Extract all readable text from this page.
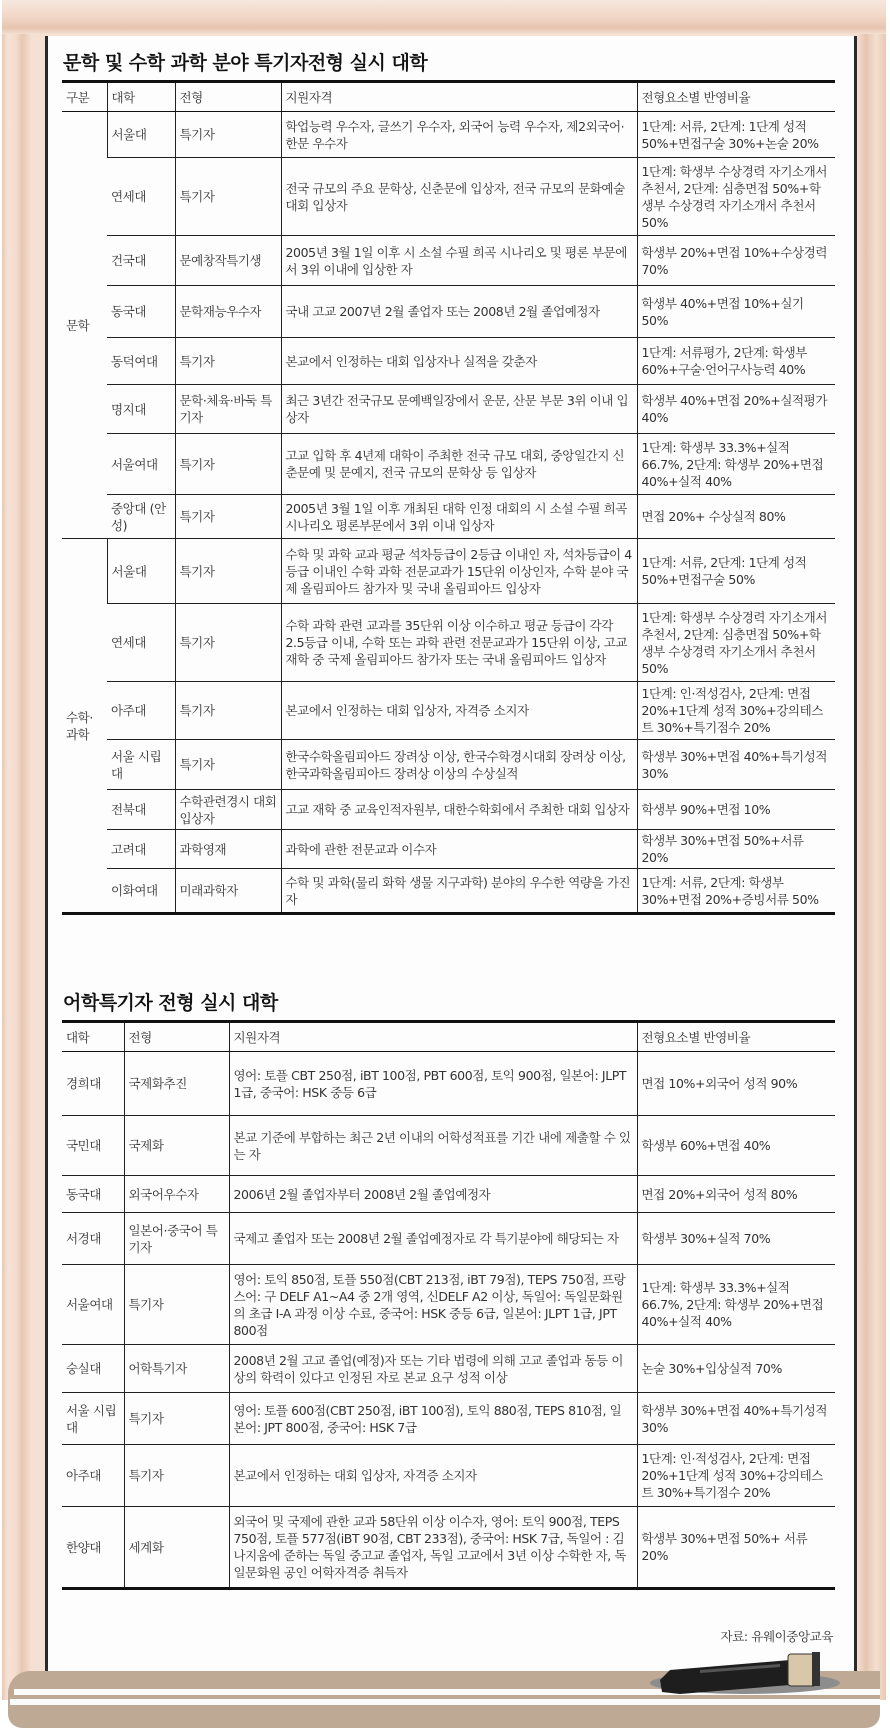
문학 및 수학 과학 분야 특기자전형 실시 대학
구분	대학	전형	지원자격	전형요소별 반영비율
문학	서울대	특기자	학업능력 우수자, 글쓰기 우수자, 외국어 능력 우수자, 제2외국어·한문 우수자	1단계: 서류, 2단계: 1단계 성적 50%+면접구술 30%+논술 20%
	연세대	특기자	전국 규모의 주요 문학상, 신춘문에 입상자, 전국 규모의 문화예술대회 입상자	1단계: 학생부 수상경력 자기소개서 추천서, 2단계: 심층면접 50%+학생부 수상경력 자기소개서 추천서 50%
	건국대	문예창작특기생	2005년 3월 1일 이후 시 소설 수필 희곡 시나리오 및 평론 부문에서 3위 이내에 입상한 자	학생부 20%+면접 10%+수상경력 70%
	동국대	문학재능우수자	국내 고교 2007년 2월 졸업자 또는 2008년 2월 졸업예정자	학생부 40%+면접 10%+실기 50%
	동덕여대	특기자	본교에서 인정하는 대회 입상자나 실적을 갖춘자	1단계: 서류평가, 2단계: 학생부 60%+구술·언어구사능력 40%
	명지대	문학·체육·바둑 특기자	최근 3년간 전국규모 문예백일장에서 운문, 산문 부문 3위 이내 입상자	학생부 40%+면접 20%+실적평가 40%
	서울여대	특기자	고교 입학 후 4년제 대학이 주최한 전국 규모 대회, 중앙일간지 신춘문예 및 문예지, 전국 규모의 문학상 등 입상자	1단계: 학생부 33.3%+실적 66.7%, 2단계: 학생부 20%+면접 40%+실적 40%
	중앙대 (안성)	특기자	2005년 3월 1일 이후 개최된 대학 인정 대회의 시 소설 수필 희곡 시나리오 평론부문에서 3위 이내 입상자	면접 20%+ 수상실적 80%
수학· 과학	서울대	특기자	수학 및 과학 교과 평균 석차등급이 2등급 이내인 자, 석차등급이 4등급 이내인 수학 과학 전문교과가 15단위 이상인자, 수학 분야 국제 올림피아드 참가자 및 국내 올림피아드 입상자	1단계: 서류, 2단계: 1단계 성적 50%+면접구술 50%
	연세대	특기자	수학 과학 관련 교과를 35단위 이상 이수하고 평균 등급이 각각 2.5등급 이내, 수학 또는 과학 관련 전문교과가 15단위 이상, 고교 재학 중 국제 올림피아드 참가자 또는 국내 올림피아드 입상자	1단계: 학생부 수상경력 자기소개서 추천서, 2단계: 심층면접 50%+학생부 수상경력 자기소개서 추천서 50%
	아주대	특기자	본교에서 인정하는 대회 입상자, 자격증 소지자	1단계: 인·적성검사, 2단계: 면접 20%+1단계 성적 30%+강의테스트 30%+특기점수 20%
	서울 시립대	특기자	한국수학올림피아드 장려상 이상, 한국수학경시대회 장려상 이상, 한국과학올림피아드 장려상 이상의 수상실적	학생부 30%+면접 40%+특기성적 30%
	전북대	수학관련경시 대회 입상자	고교 재학 중 교육인적자원부, 대한수학회에서 주최한 대회 입상자	학생부 90%+면접 10%
	고려대	과학영재	과학에 관한 전문교과 이수자	학생부 30%+면접 50%+서류 20%
	이화여대	미래과학자	수학 및 과학(물리 화학 생물 지구과학) 분야의 우수한 역량을 가진 자	1단계: 서류, 2단계: 학생부 30%+면접 20%+증빙서류 50%
어학특기자 전형 실시 대학
대학	전형	지원자격	전형요소별 반영비율
경희대	국제화추진	영어: 토플 CBT 250점, iBT 100점, PBT 600점, 토익 900점, 일본어: JLPT 1급, 중국어: HSK 중등 6급	면접 10%+외국어 성적 90%
국민대	국제화	본교 기준에 부합하는 최근 2년 이내의 어학성적표를 기간 내에 제출할 수 있는 자	학생부 60%+면접 40%
동국대	외국어우수자	2006년 2월 졸업자부터 2008년 2월 졸업예정자	면접 20%+외국어 성적 80%
서경대	일본어·중국어 특기자	국제고 졸업자 또는 2008년 2월 졸업예정자로 각 특기분야에 해당되는 자	학생부 30%+실적 70%
서울여대	특기자	영어: 토익 850점, 토플 550점(CBT 213점, iBT 79점), TEPS 750점, 프랑스어: 구 DELF A1~A4 중 2개 영역, 신DELF A2 이상, 독일어: 독일문화원의 초급 Ⅰ-A 과정 이상 수료, 중국어: HSK 중등 6급, 일본어: JLPT 1급, JPT 800점	1단계: 학생부 33.3%+실적 66.7%, 2단계: 학생부 20%+면접40%+실적 40%
숭실대	어학특기자	2008년 2월 고교 졸업(예정)자 또는 기타 법령에 의해 고교 졸업과 동등 이상의 학력이 있다고 인정된 자로 본교 요구 성적 이상	논술 30%+입상실적 70%
서울 시립대	특기자	영어: 토플 600점(CBT 250점, iBT 100점), 토익 880점, TEPS 810점, 일본어: JPT 800점, 중국어: HSK 7급	학생부 30%+면접 40%+특기성적 30%
아주대	특기자	본교에서 인정하는 대회 입상자, 자격증 소지자	1단계: 인·적성검사, 2단계: 면접 20%+1단계 성적 30%+강의테스트 30%+특기점수 20%
한양대	세계화	외국어 및 국제에 관한 교과 58단위 이상 이수자, 영어: 토익 900점, TEPS 750점, 토플 577점(iBT 90점, CBT 233점), 중국어: HSK 7급, 독일어 : 김나지움에 준하는 독일 중고교 졸업자, 독일 고교에서 3년 이상 수학한 자, 독일문화원 공인 어학자격증 취득자	학생부 30%+면접 50%+ 서류 20%
자료: 유웨이중앙교육
